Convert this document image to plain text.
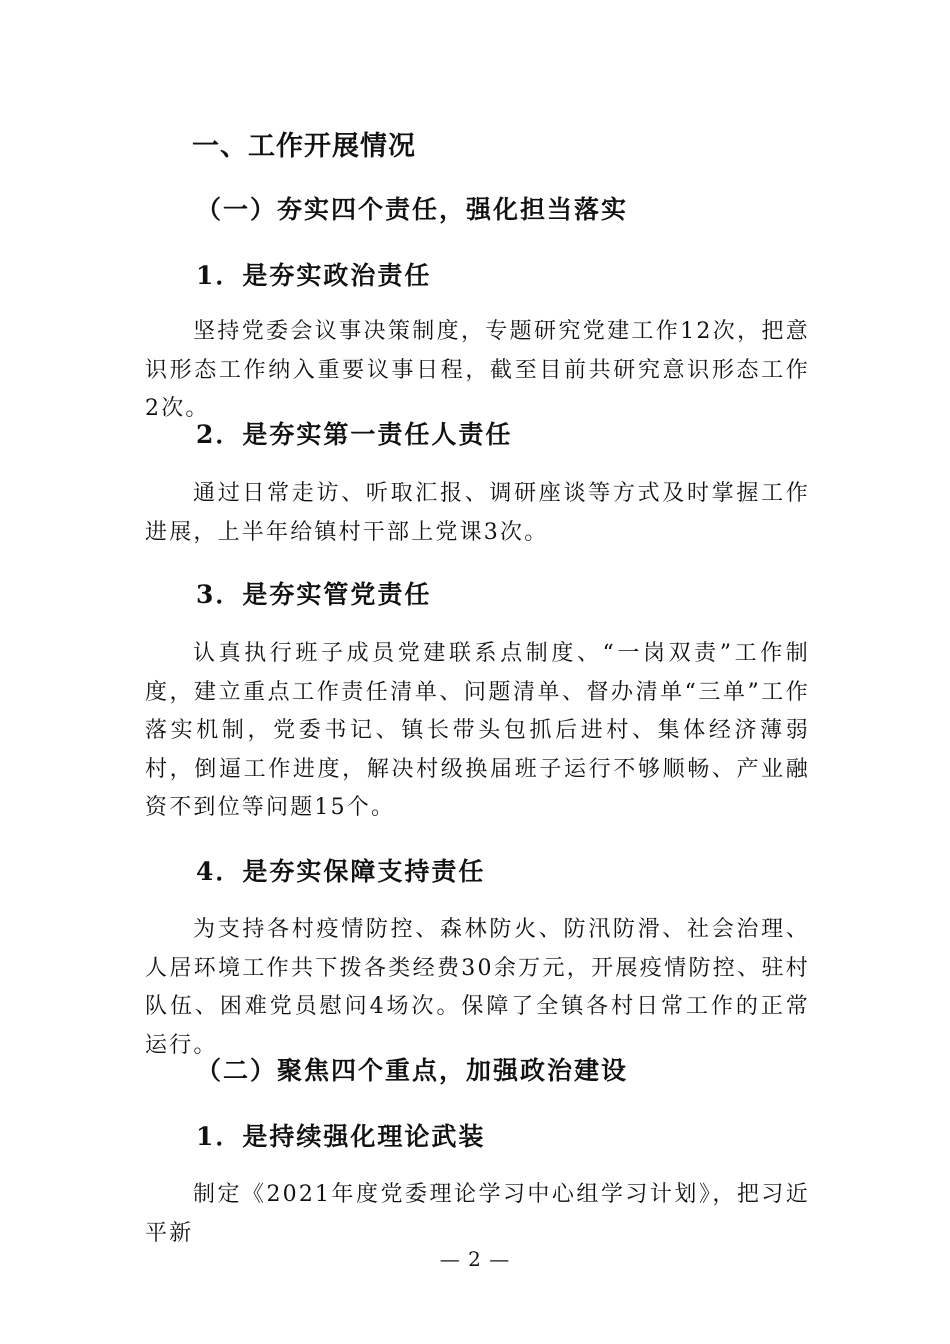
一、工作开展情况
（一）夯实四个责任，强化担当落实
1．是夯实政治责任
坚持党委会议事决策制度，专题研究党建工作12次，把意识形态工作纳入重要议事日程，截至目前共研究意识形态工作2次。
2．是夯实第一责任人责任
通过日常走访、听取汇报、调研座谈等方式及时掌握工作进展，上半年给镇村干部上党课3次。
3．是夯实管党责任
认真执行班子成员党建联系点制度、“一岗双责”工作制度，建立重点工作责任清单、问题清单、督办清单“三单”工作落实机制，党委书记、镇长带头包抓后进村、集体经济薄弱村，倒逼工作进度，解决村级换届班子运行不够顺畅、产业融资不到位等问题15个。
4．是夯实保障支持责任
为支持各村疫情防控、森林防火、防汛防滑、社会治理、人居环境工作共下拨各类经费30余万元，开展疫情防控、驻村队伍、困难党员慰问4场次。保障了全镇各村日常工作的正常运行。
（二）聚焦四个重点，加强政治建设
1．是持续强化理论武装
制定《2021年度党委理论学习中心组学习计划》，把习近平新
— 2 —
